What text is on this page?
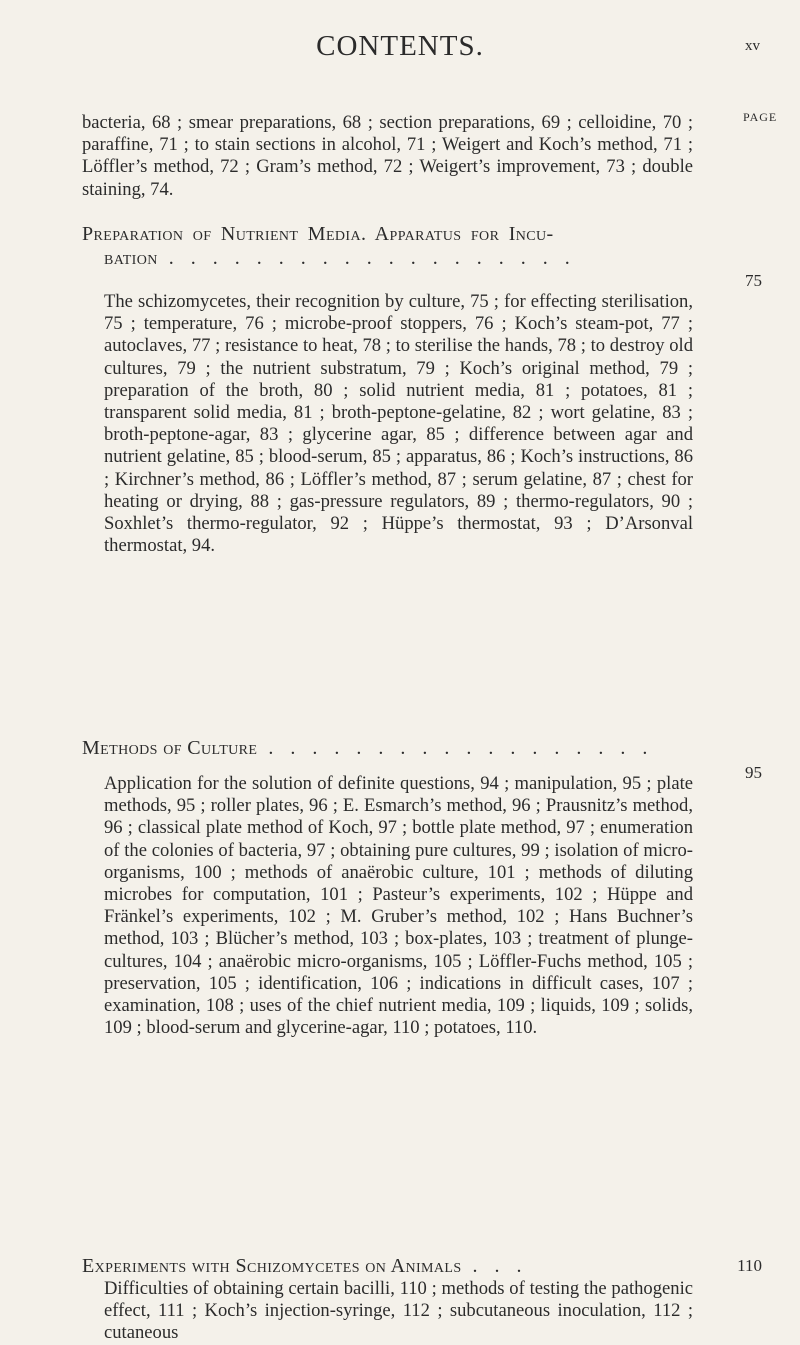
CONTENTS.	xv
PAGE
bacteria, 68 ; smear preparations, 68 ; section preparations, 69 ; celloidine, 70 ; paraffine, 71 ; to stain sections in alcohol, 71 ; Weigert and Koch’s method, 71 ; Löffler’s method, 72 ; Gram’s method, 72 ; Weigert’s improvement, 73 ; double staining, 74.
Preparation of Nutrient Media. Apparatus for Incu-
bation . . . . . . . . . . . . . . . . . . .
75
The schizomycetes, their recognition by culture, 75 ; for effecting sterilisation, 75 ; temperature, 76 ; microbe-proof stoppers, 76 ; Koch’s steam-pot, 77 ; autoclaves, 77 ; resistance to heat, 78 ; to sterilise the hands, 78 ; to destroy old cultures, 79 ; the nutrient substratum, 79 ; Koch’s original method, 79 ; preparation of the broth, 80 ; solid nutrient media, 81 ; potatoes, 81 ; transparent solid media, 81 ; broth-peptone-gelatine, 82 ; wort gelatine, 83 ; broth-peptone-agar, 83 ; glycerine agar, 85 ; difference between agar and nutrient gelatine, 85 ; blood-serum, 85 ; apparatus, 86 ; Koch’s instructions, 86 ; Kirchner’s method, 86 ; Löffler’s method, 87 ; serum gelatine, 87 ; chest for heating or drying, 88 ; gas-pressure regulators, 89 ; thermo-regulators, 90 ; Soxhlet’s thermo-regulator, 92 ; Hüppe’s thermostat, 93 ; D’Arsonval thermostat, 94.
Methods of Culture . . . . . . . . . . . . . . . . . .
95
Application for the solution of definite questions, 94 ; manipulation, 95 ; plate methods, 95 ; roller plates, 96 ; E. Esmarch’s method, 96 ; Prausnitz’s method, 96 ; classical plate method of Koch, 97 ; bottle plate method, 97 ; enumeration of the colonies of bacteria, 97 ; obtaining pure cultures, 99 ; isolation of micro-organisms, 100 ; methods of anaërobic culture, 101 ; methods of diluting microbes for computation, 101 ; Pasteur’s experiments, 102 ; Hüppe and Fränkel’s experiments, 102 ; M. Gruber’s method, 102 ; Hans Buchner’s method, 103 ; Blücher’s method, 103 ; box-plates, 103 ; treatment of plunge-cultures, 104 ; anaërobic micro-organisms, 105 ; Löffler-Fuchs method, 105 ; preservation, 105 ; identification, 106 ; indications in difficult cases, 107 ; examination, 108 ; uses of the chief nutrient media, 109 ; liquids, 109 ; solids, 109 ; blood-serum and glycerine-agar, 110 ; potatoes, 110.
Experiments with Schizomycetes on Animals . . .	110
Difficulties of obtaining certain bacilli, 110 ; methods of testing the pathogenic effect, 111 ; Koch’s injection-syringe, 112 ; subcutaneous inoculation, 112 ; cutaneous
